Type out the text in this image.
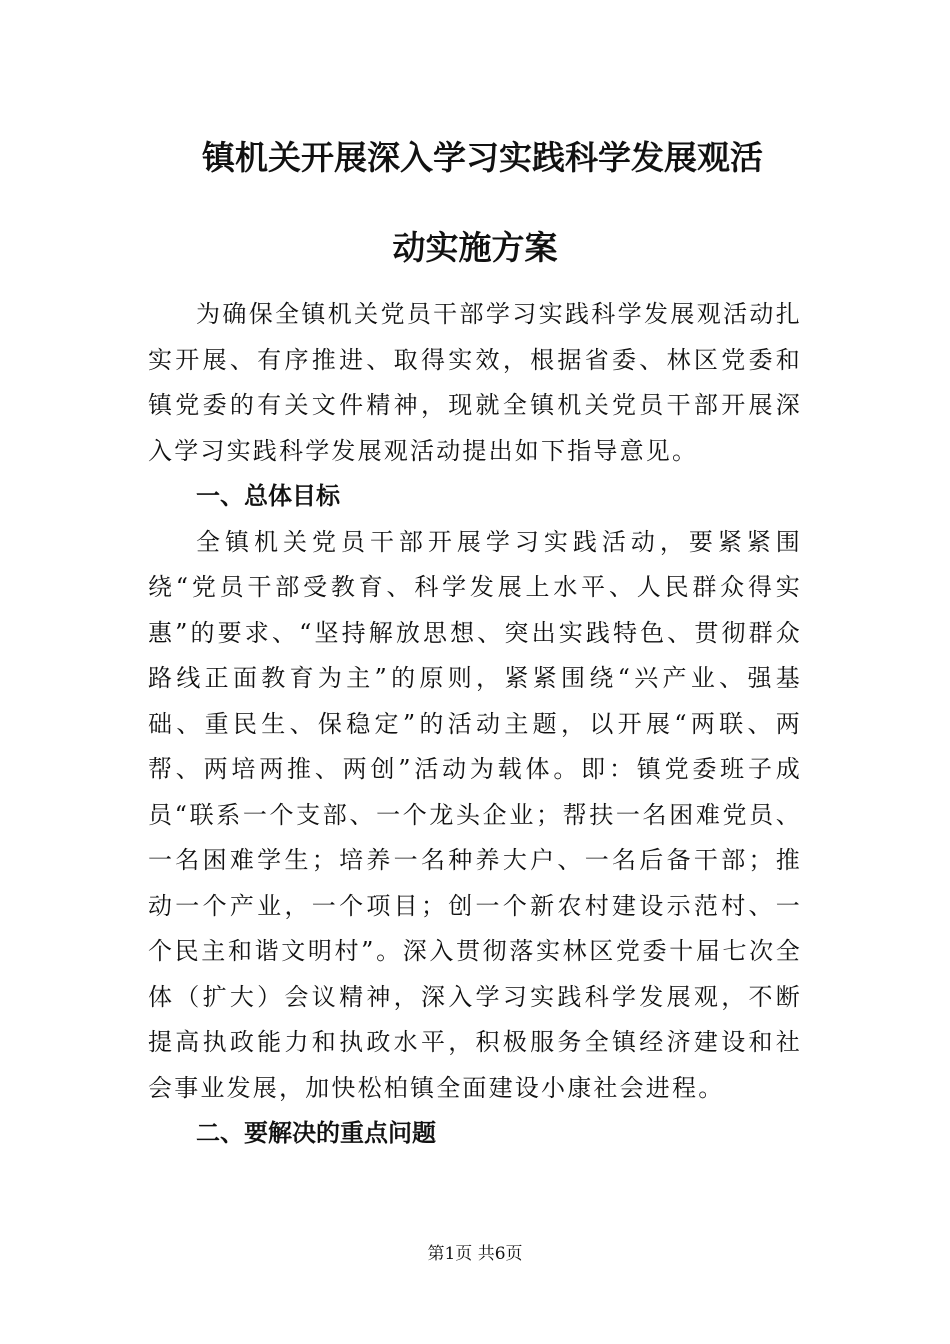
镇机关开展深入学习实践科学发展观活
动实施方案

为确保全镇机关党员干部学习实践科学发展观活动扎实开展、有序推进、取得实效，根据省委、林区党委和镇党委的有关文件精神，现就全镇机关党员干部开展深入学习实践科学发展观活动提出如下指导意见。

一、总体目标

全镇机关党员干部开展学习实践活动，要紧紧围绕“党员干部受教育、科学发展上水平、人民群众得实惠”的要求、“坚持解放思想、突出实践特色、贯彻群众路线正面教育为主”的原则，紧紧围绕“兴产业、强基础、重民生、保稳定”的活动主题，以开展“两联、两帮、两培两推、两创”活动为载体。即：镇党委班子成员“联系一个支部、一个龙头企业；帮扶一名困难党员、一名困难学生；培养一名种养大户、一名后备干部；推动一个产业，一个项目；创一个新农村建设示范村、一个民主和谐文明村”。深入贯彻落实林区党委十届七次全体（扩大）会议精神，深入学习实践科学发展观，不断提高执政能力和执政水平，积极服务全镇经济建设和社会事业发展，加快松柏镇全面建设小康社会进程。

二、要解决的重点问题
第1页 共6页
